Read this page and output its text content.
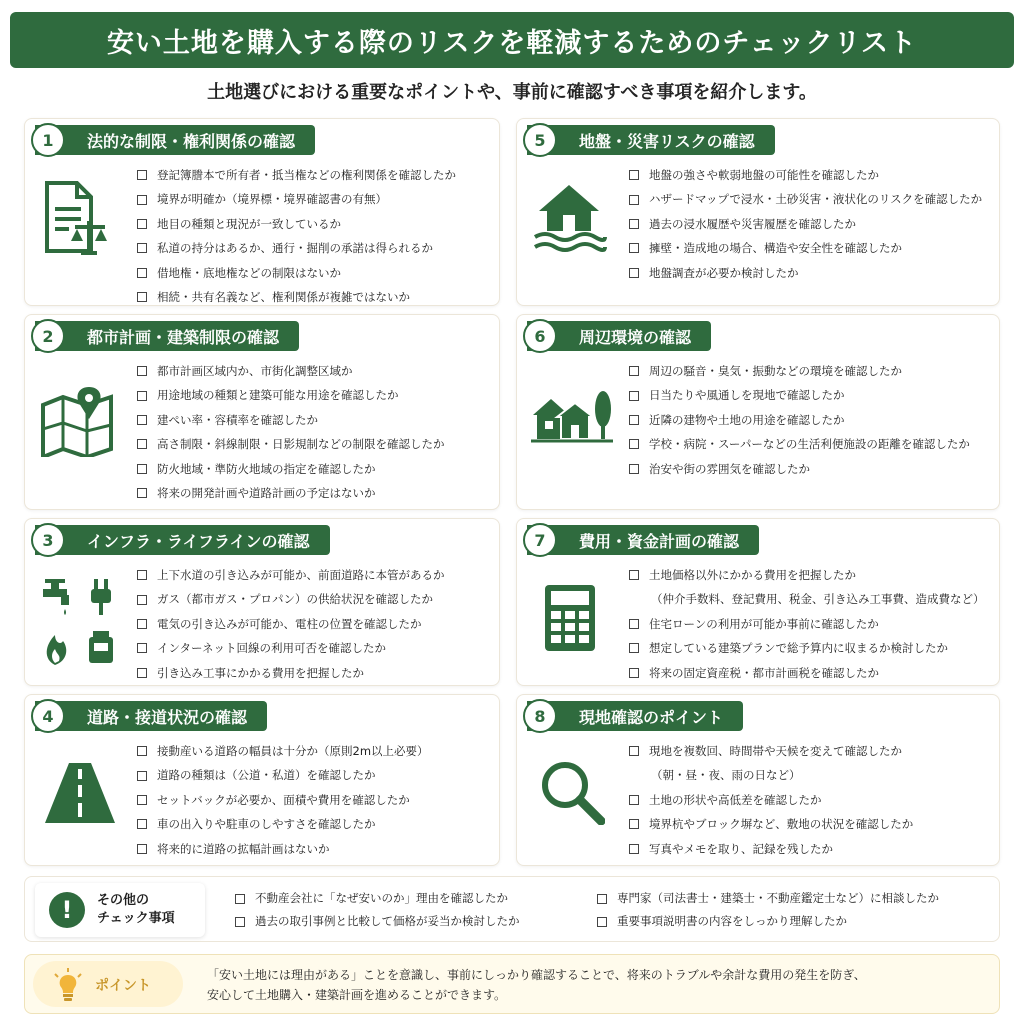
安い土地を購入する際のリスクを軽減するためのチェックリスト
土地選びにおける重要なポイントや、事前に確認すべき事項を紹介します。
1	法的な制限・権利関係の確認
登記簿謄本で所有者・抵当権などの権利関係を確認したか
境界が明確か（境界標・境界確認書の有無）
地目の種類と現況が一致しているか
私道の持分はあるか、通行・掘削の承諾は得られるか
借地権・底地権などの制限はないか
相続・共有名義など、権利関係が複雑ではないか
5	地盤・災害リスクの確認
地盤の強さや軟弱地盤の可能性を確認したか
ハザードマップで浸水・土砂災害・液状化のリスクを確認したか
過去の浸水履歴や災害履歴を確認したか
擁壁・造成地の場合、構造や安全性を確認したか
地盤調査が必要か検討したか
2	都市計画・建築制限の確認
都市計画区域内か、市街化調整区域か
用途地域の種類と建築可能な用途を確認したか
建ぺい率・容積率を確認したか
高さ制限・斜線制限・日影規制などの制限を確認したか
防火地域・準防火地域の指定を確認したか
将来の開発計画や道路計画の予定はないか
6	周辺環境の確認
周辺の騒音・臭気・振動などの環境を確認したか
日当たりや風通しを現地で確認したか
近隣の建物や土地の用途を確認したか
学校・病院・スーパーなどの生活利便施設の距離を確認したか
治安や街の雰囲気を確認したか
3	インフラ・ライフラインの確認
上下水道の引き込みが可能か、前面道路に本管があるか
ガス（都市ガス・プロパン）の供給状況を確認したか
電気の引き込みが可能か、電柱の位置を確認したか
インターネット回線の利用可否を確認したか
引き込み工事にかかる費用を把握したか
7	費用・資金計画の確認
土地価格以外にかかる費用を把握したか
（仲介手数料、登記費用、税金、引き込み工事費、造成費など）
住宅ローンの利用が可能か事前に確認したか
想定している建築プランで総予算内に収まるか検討したか
将来の固定資産税・都市計画税を確認したか
4	道路・接道状況の確認
接動産いる道路の幅員は十分か（原則2m以上必要）
道路の種類は（公道・私道）を確認したか
セットバックが必要か、面積や費用を確認したか
車の出入りや駐車のしやすさを確認したか
将来的に道路の拡幅計画はないか
8	現地確認のポイント
現地を複数回、時間帯や天候を変えて確認したか
（朝・昼・夜、雨の日など）
土地の形状や高低差を確認したか
境界杭やブロック塀など、敷地の状況を確認したか
写真やメモを取り、記録を残したか
!	その他の
チェック事項
不動産会社に「なぜ安いのか」理由を確認したか
過去の取引事例と比較して価格が妥当か検討したか
専門家（司法書士・建築士・不動産鑑定士など）に相談したか
重要事項説明書の内容をしっかり理解したか
ポイント
「安い土地には理由がある」ことを意識し、事前にしっかり確認することで、将来のトラブルや余計な費用の発生を防ぎ、
安心して土地購入・建築計画を進めることができます。
